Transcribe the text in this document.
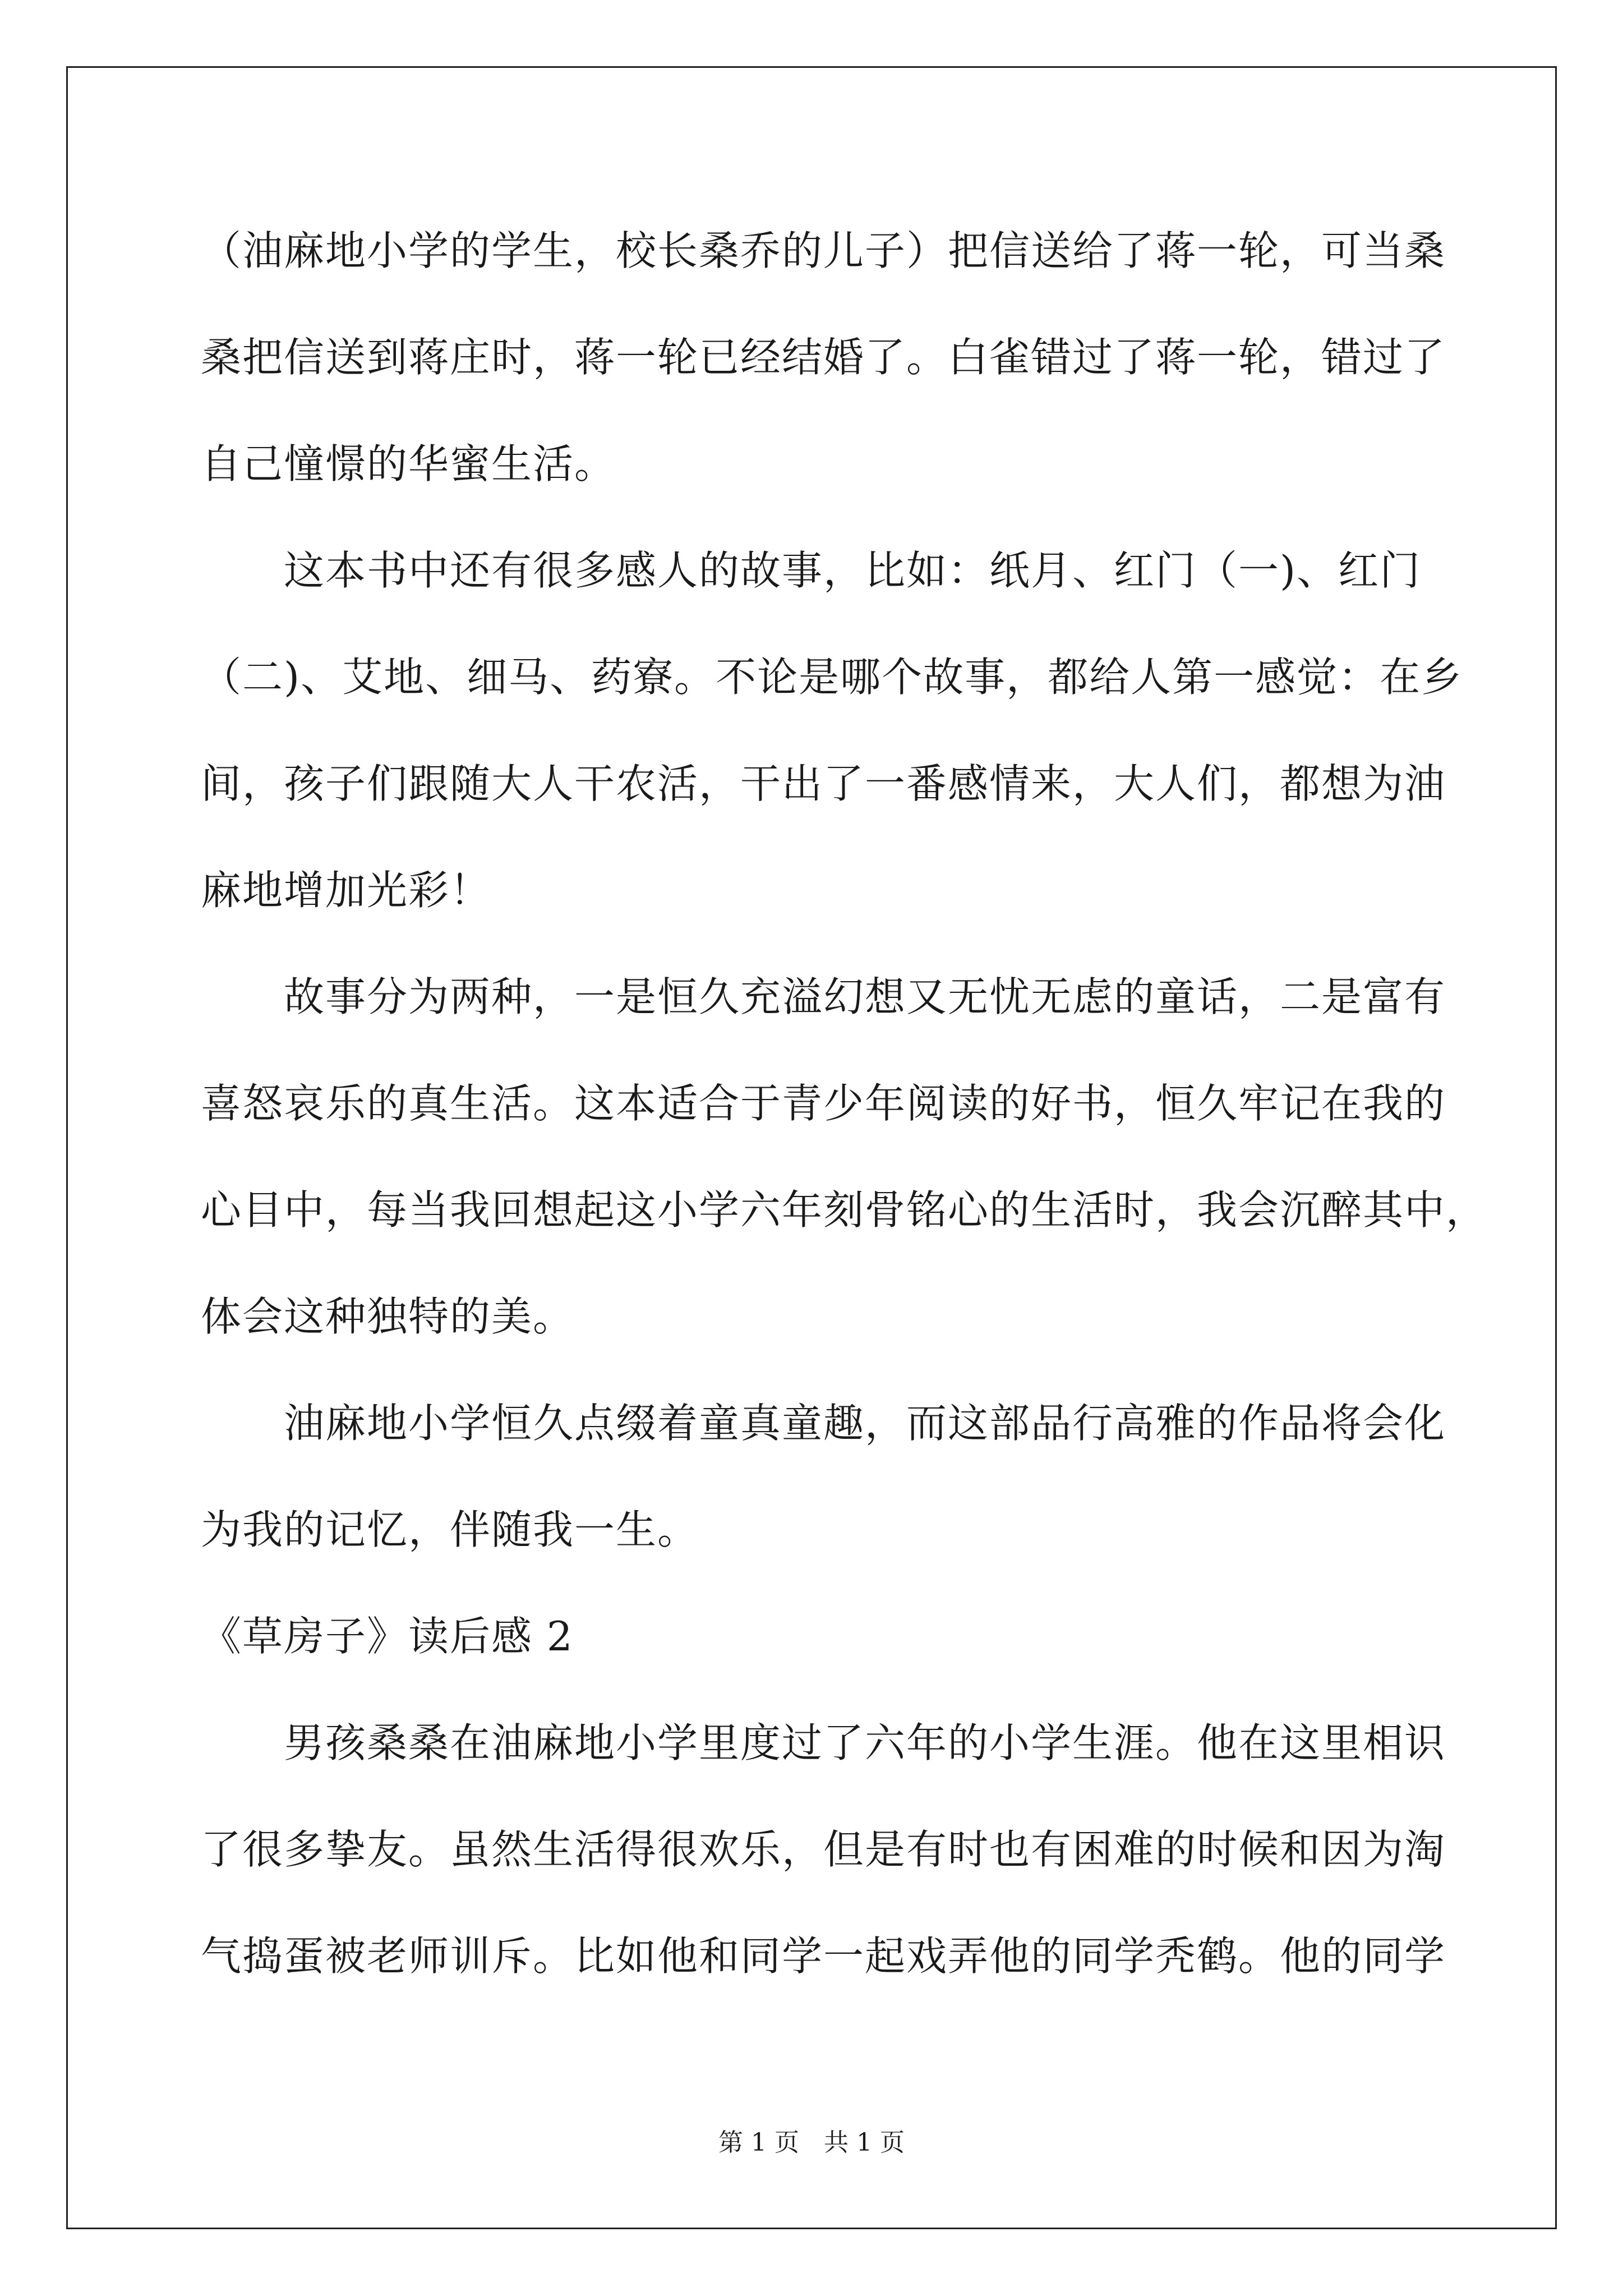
（油麻地小学的学生，校长桑乔的儿子）把信送给了蒋一轮，可当桑
桑把信送到蒋庄时，蒋一轮已经结婚了。白雀错过了蒋一轮，错过了
自己憧憬的华蜜生活。
这本书中还有很多感人的故事，比如：纸月、红门（一)、红门
（二)、艾地、细马、药寮。不论是哪个故事，都给人第一感觉：在乡
间，孩子们跟随大人干农活，干出了一番感情来，大人们，都想为油
麻地增加光彩！
故事分为两种，一是恒久充溢幻想又无忧无虑的童话，二是富有
喜怒哀乐的真生活。这本适合于青少年阅读的好书，恒久牢记在我的
心目中，每当我回想起这小学六年刻骨铭心的生活时，我会沉醉其中，
体会这种独特的美。
油麻地小学恒久点缀着童真童趣，而这部品行高雅的作品将会化
为我的记忆，伴随我一生。
《草房子》读后感 2
男孩桑桑在油麻地小学里度过了六年的小学生涯。他在这里相识
了很多挚友。虽然生活得很欢乐，但是有时也有困难的时候和因为淘
气捣蛋被老师训斥。比如他和同学一起戏弄他的同学秃鹤。他的同学
第 1 页　共 1 页
